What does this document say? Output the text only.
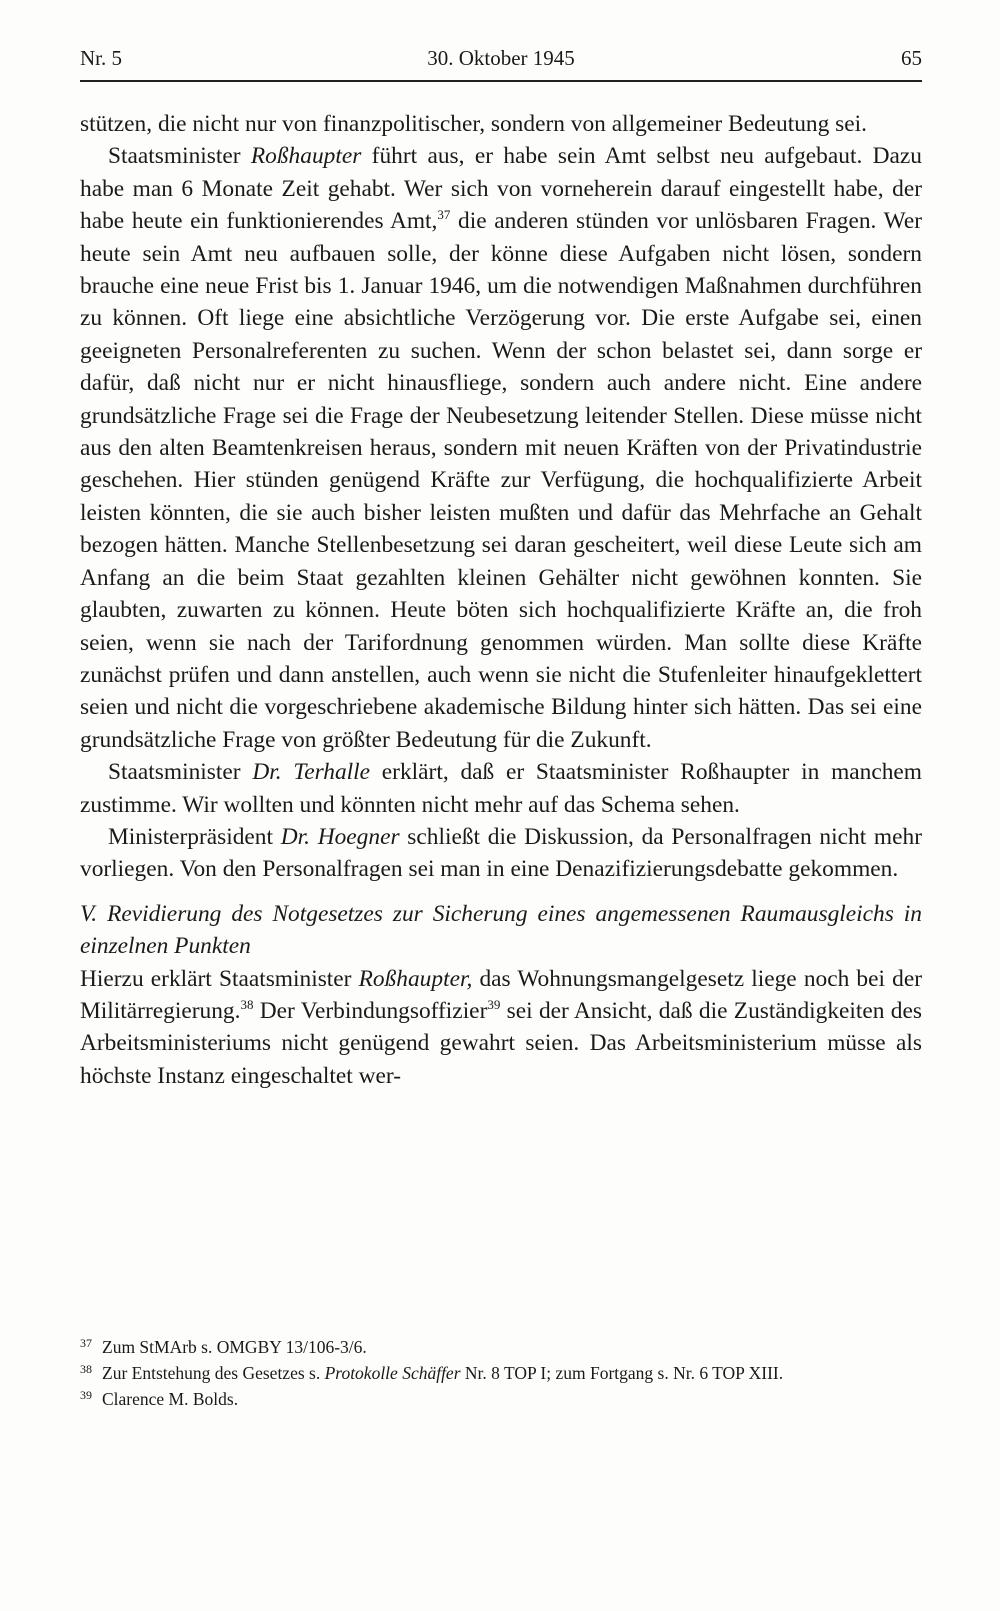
Nr. 5	30. Oktober 1945	65

stützen, die nicht nur von finanzpolitischer, sondern von allgemeiner Bedeutung sei.

Staatsminister Roßhaupter führt aus, er habe sein Amt selbst neu aufgebaut. Dazu habe man 6 Monate Zeit gehabt. Wer sich von vorneherein darauf eingestellt habe, der habe heute ein funktionierendes Amt,$^{37}$ die anderen stünden vor unlösbaren Fragen. Wer heute sein Amt neu aufbauen solle, der könne diese Aufgaben nicht lösen, sondern brauche eine neue Frist bis 1. Januar 1946, um die notwendigen Maßnahmen durchführen zu können. Oft liege eine absichtliche Verzögerung vor. Die erste Aufgabe sei, einen geeigneten Personalreferenten zu suchen. Wenn der schon belastet sei, dann sorge er dafür, daß nicht nur er nicht hinausfliege, sondern auch andere nicht. Eine andere grundsätzliche Frage sei die Frage der Neubesetzung leitender Stellen. Diese müsse nicht aus den alten Beamtenkreisen heraus, sondern mit neuen Kräften von der Privatindustrie geschehen. Hier stünden genügend Kräfte zur Verfügung, die hochqualifizierte Arbeit leisten könnten, die sie auch bisher leisten mußten und dafür das Mehrfache an Gehalt bezogen hätten. Manche Stellenbesetzung sei daran gescheitert, weil diese Leute sich am Anfang an die beim Staat gezahlten kleinen Gehälter nicht gewöhnen konnten. Sie glaubten, zuwarten zu können. Heute böten sich hochqualifizierte Kräfte an, die froh seien, wenn sie nach der Tarifordnung genommen würden. Man sollte diese Kräfte zunächst prüfen und dann anstellen, auch wenn sie nicht die Stufenleiter hinaufgeklettert seien und nicht die vorgeschriebene akademische Bildung hinter sich hätten. Das sei eine grundsätzliche Frage von größter Bedeutung für die Zukunft.

Staatsminister Dr. Terhalle erklärt, daß er Staatsminister Roßhaupter in manchem zustimme. Wir wollten und könnten nicht mehr auf das Schema sehen.

Ministerpräsident Dr. Hoegner schließt die Diskussion, da Personalfragen nicht mehr vorliegen. Von den Personalfragen sei man in eine Denazifizierungsdebatte gekommen.

V. Revidierung des Notgesetzes zur Sicherung eines angemessenen Raumausgleichs in einzelnen Punkten

Hierzu erklärt Staatsminister Roßhaupter, das Wohnungsmangelgesetz liege noch bei der Militärregierung.$^{38}$ Der Verbindungsoffizier$^{39}$ sei der Ansicht, daß die Zuständigkeiten des Arbeitsministeriums nicht genügend gewahrt seien. Das Arbeitsministerium müsse als höchste Instanz eingeschaltet wer-

37 Zum StMArb s. OMGBY 13/106-3/6.
38 Zur Entstehung des Gesetzes s. Protokolle Schäffer Nr. 8 TOP I; zum Fortgang s. Nr. 6 TOP XIII.
39 Clarence M. Bolds.
